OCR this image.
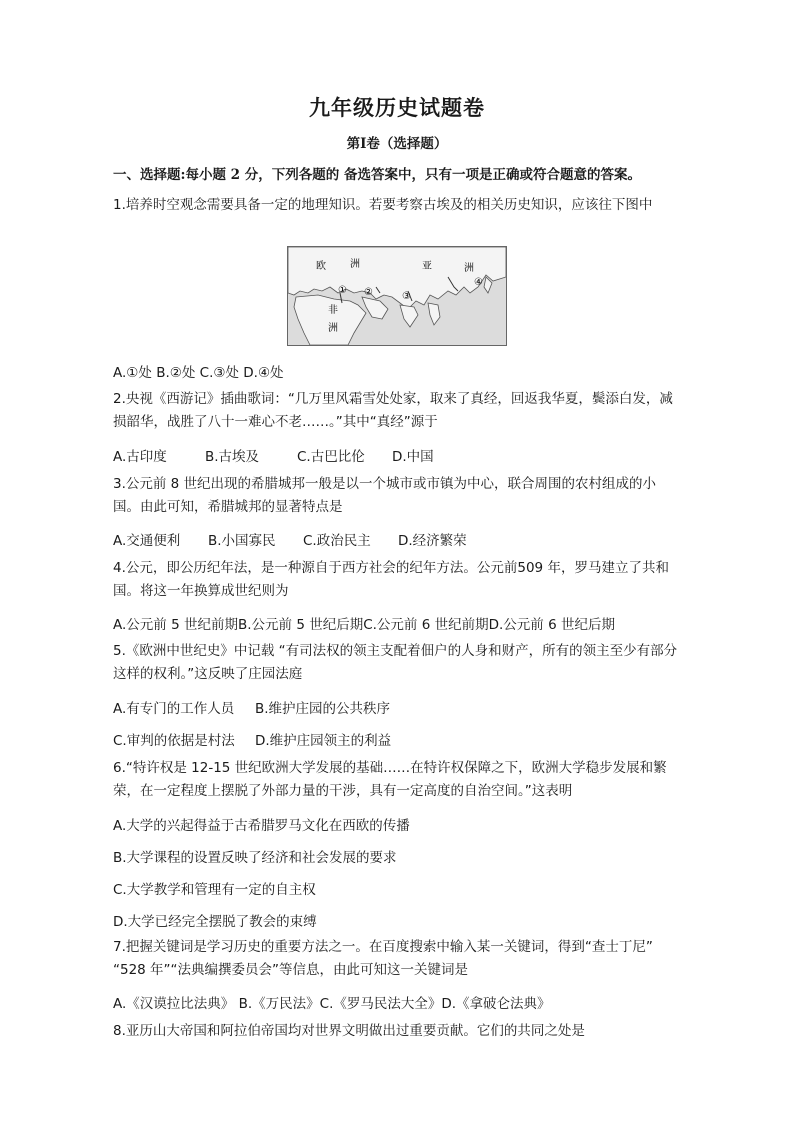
九年级历史试题卷
第Ⅰ卷（选择题）
一、选择题:每小题 2 分，下列各题的 备选答案中，只有一项是正确或符合题意的答案。
1.培养时空观念需要具备一定的地理知识。若要考察古埃及的相关历史知识，应该往下图中
欧 洲	亚	洲
非
洲
① ②	③
④
A.①处 B.②处 C.③处 D.④处
2.央视《西游记》插曲歌词：“几万里风霜雪处处家，取来了真经，回返我华夏，鬓添白发，减损韶华，战胜了八十一难心不老……。”其中“真经”源于
A.古印度	B.古埃及	C.古巴比伦 D.中国
3.公元前 8 世纪出现的希腊城邦一般是以一个城市或市镇为中心，联合周围的农村组成的小 国。由此可知，希腊城邦的显著特点是
A.交通便利 B.小国寡民 C.政治民主 D.经济繁荣
4.公元，即公历纪年法，是一种源自于西方社会的纪年方法。公元前509 年，罗马建立了共和国。将这一年换算成世纪则为
A.公元前 5 世纪前期B.公元前 5 世纪后期C.公元前 6 世纪前期D.公元前 6 世纪后期
5.《欧洲中世纪史》中记载 “有司法权的领主支配着佃户的人身和财产，所有的领主至少有部分这样的权利。”这反映了庄园法庭
A.有专门的工作人员 B.维护庄园的公共秩序
C.审判的依据是村法 D.维护庄园领主的利益
6.“特许权是 12-15 世纪欧洲大学发展的基础……在特许权保障之下，欧洲大学稳步发展和繁荣，在一定程度上摆脱了外部力量的干涉，具有一定高度的自治空间。”这表明
A.大学的兴起得益于古希腊罗马文化在西欧的传播
B.大学课程的设置反映了经济和社会发展的要求
C.大学教学和管理有一定的自主权
D.大学已经完全摆脱了教会的束缚
7.把握关键词是学习历史的重要方法之一。在百度搜索中输入某一关键词，得到“查士丁尼” “528 年”“法典编撰委员会”等信息，由此可知这一关键词是
A.《汉谟拉比法典》 B.《万民法》C.《罗马民法大全》D.《拿破仑法典》
8.亚历山大帝国和阿拉伯帝国均对世界文明做出过重要贡献。它们的共同之处是
